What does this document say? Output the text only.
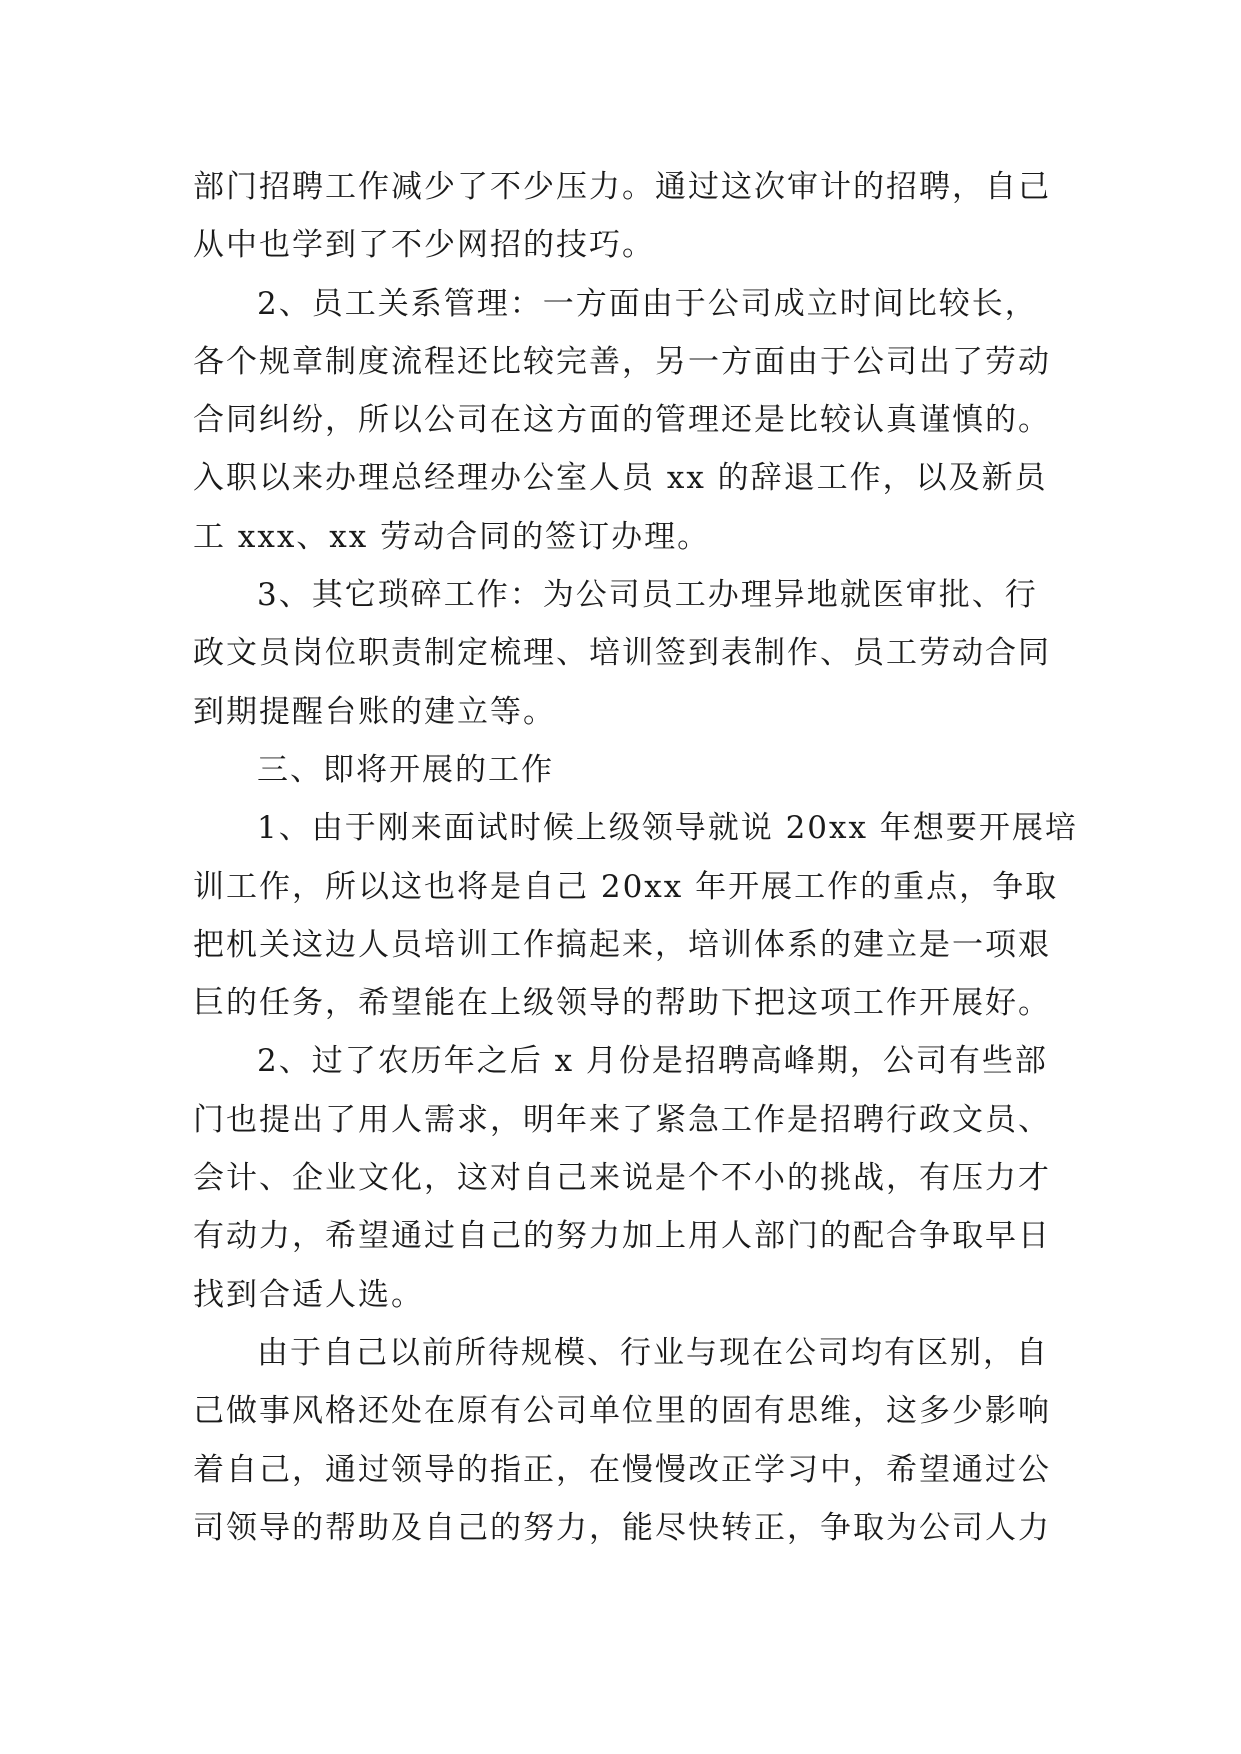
部门招聘工作减少了不少压力。通过这次审计的招聘，自己
从中也学到了不少网招的技巧。
2、员工关系管理：一方面由于公司成立时间比较长，
各个规章制度流程还比较完善，另一方面由于公司出了劳动
合同纠纷，所以公司在这方面的管理还是比较认真谨慎的。
入职以来办理总经理办公室人员 xx 的辞退工作，以及新员
工 xxx、xx 劳动合同的签订办理。
3、其它琐碎工作：为公司员工办理异地就医审批、行
政文员岗位职责制定梳理、培训签到表制作、员工劳动合同
到期提醒台账的建立等。
三、即将开展的工作
1、由于刚来面试时候上级领导就说 20xx 年想要开展培
训工作，所以这也将是自己 20xx 年开展工作的重点，争取
把机关这边人员培训工作搞起来，培训体系的建立是一项艰
巨的任务，希望能在上级领导的帮助下把这项工作开展好。
2、过了农历年之后 x 月份是招聘高峰期，公司有些部
门也提出了用人需求，明年来了紧急工作是招聘行政文员、
会计、企业文化，这对自己来说是个不小的挑战，有压力才
有动力，希望通过自己的努力加上用人部门的配合争取早日
找到合适人选。
由于自己以前所待规模、行业与现在公司均有区别，自
己做事风格还处在原有公司单位里的固有思维，这多少影响
着自己，通过领导的指正，在慢慢改正学习中，希望通过公
司领导的帮助及自己的努力，能尽快转正，争取为公司人力
